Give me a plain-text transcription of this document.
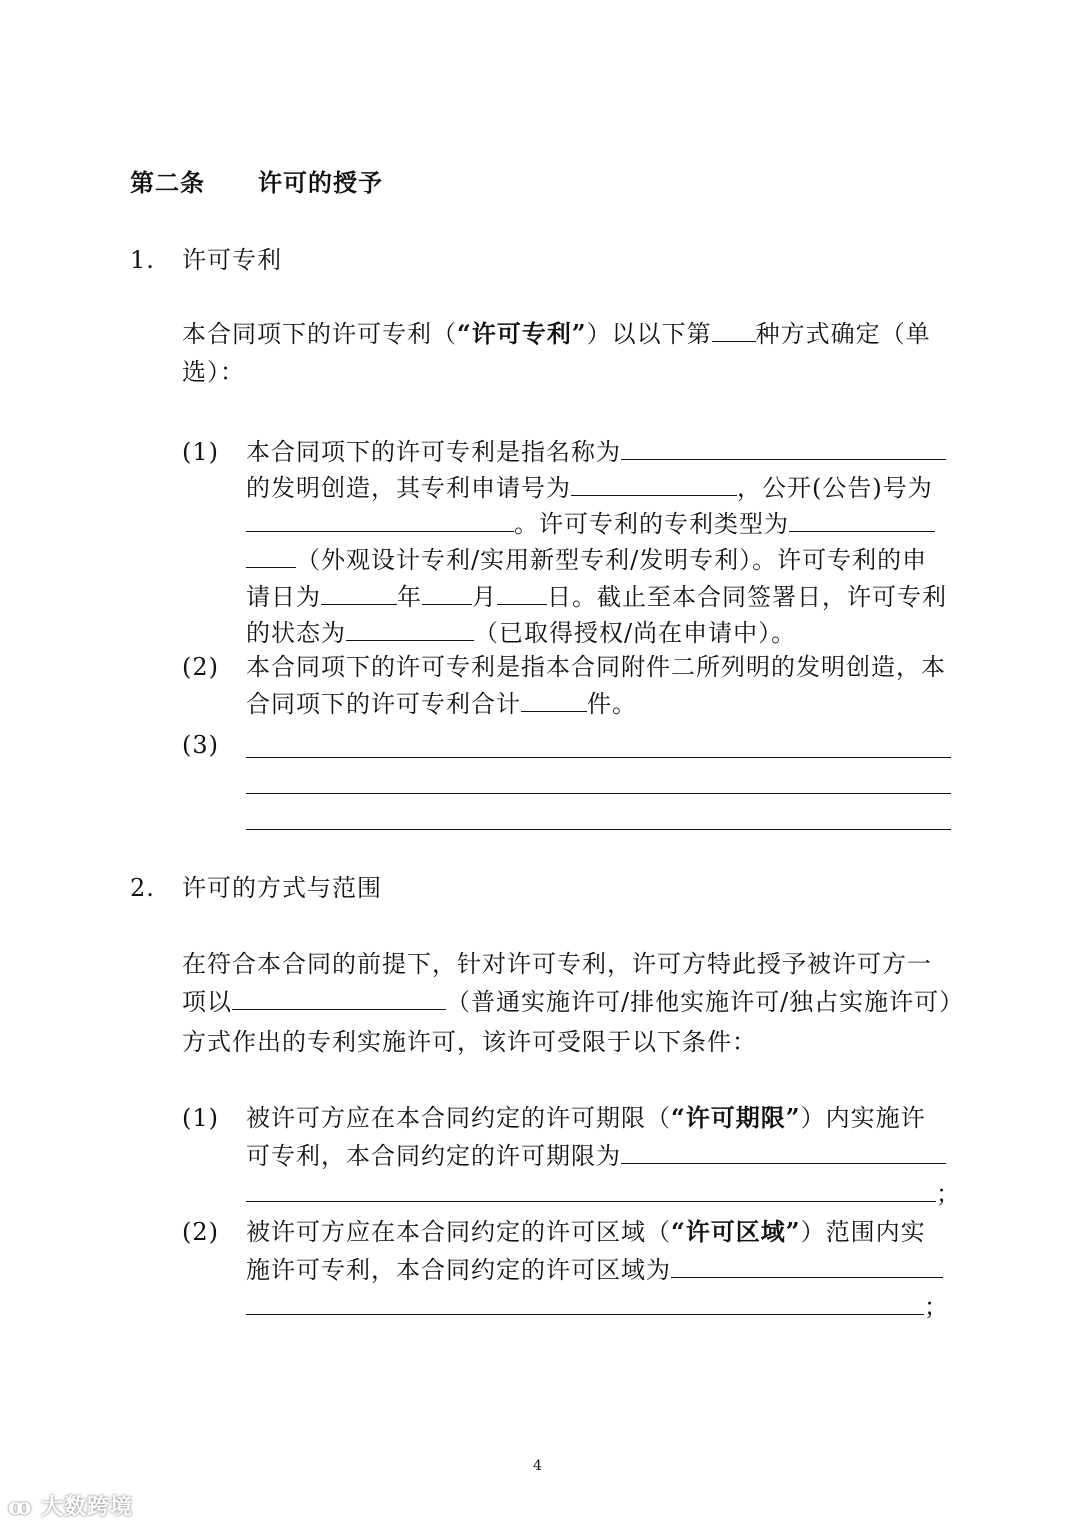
第二条 许可的授予
1. 许可专利
本合同项下的许可专利（“许可专利”）以以下第 种方式确定（单
选）：
(1) 本合同项下的许可专利是指名称为
的发明创造，其专利申请号为	，公开(公告)号为
。许可专利的专利类型为
（外观设计专利/实用新型专利/发明专利）。许可专利的申
请日为	年 月 日。截止至本合同签署日，许可专利
的状态为	（已取得授权/尚在申请中）。
(2) 本合同项下的许可专利是指本合同附件二所列明的发明创造，本
合同项下的许可专利合计	件。
(3)
2. 许可的方式与范围
在符合本合同的前提下，针对许可专利，许可方特此授予被许可方一
项以	（普通实施许可/排他实施许可/独占实施许可）
方式作出的专利实施许可，该许可受限于以下条件：
(1) 被许可方应在本合同约定的许可期限（“许可期限”）内实施许
可专利，本合同约定的许可期限为
；
(2) 被许可方应在本合同约定的许可区域（“许可区域”）范围内实
施许可专利，本合同约定的许可区域为
；
4
ꝏ 大数跨境
